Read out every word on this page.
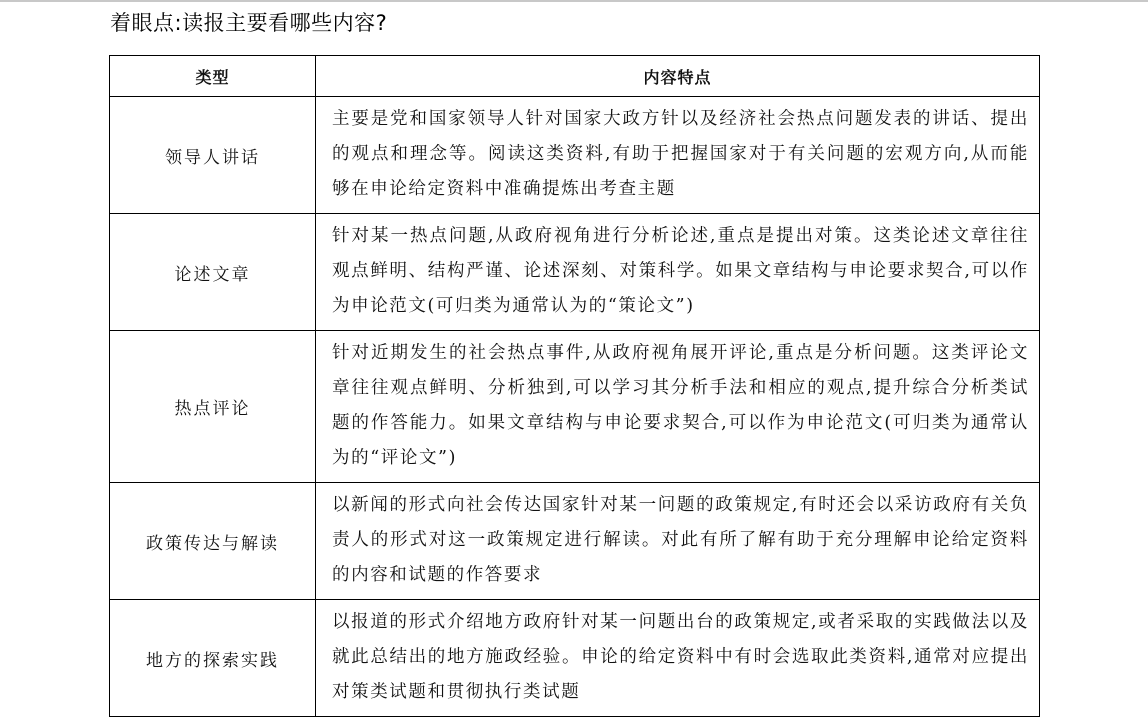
着眼点:读报主要看哪些内容?
类型	内容特点
领导人讲话	主要是党和国家领导人针对国家大政方针以及经济社会热点问题发表的讲话、提出的观点和理念等。阅读这类资料,有助于把握国家对于有关问题的宏观方向,从而能够在申论给定资料中准确提炼出考查主题
论述文章	针对某一热点问题,从政府视角进行分析论述,重点是提出对策。这类论述文章往往观点鲜明、结构严谨、论述深刻、对策科学。如果文章结构与申论要求契合,可以作为申论范文(可归类为通常认为的“策论文”)
热点评论	针对近期发生的社会热点事件,从政府视角展开评论,重点是分析问题。这类评论文章往往观点鲜明、分析独到,可以学习其分析手法和相应的观点,提升综合分析类试题的作答能力。如果文章结构与申论要求契合,可以作为申论范文(可归类为通常认为的“评论文”)
政策传达与解读	以新闻的形式向社会传达国家针对某一问题的政策规定,有时还会以采访政府有关负责人的形式对这一政策规定进行解读。对此有所了解有助于充分理解申论给定资料的内容和试题的作答要求
地方的探索实践	以报道的形式介绍地方政府针对某一问题出台的政策规定,或者采取的实践做法以及就此总结出的地方施政经验。申论的给定资料中有时会选取此类资料,通常对应提出对策类试题和贯彻执行类试题
